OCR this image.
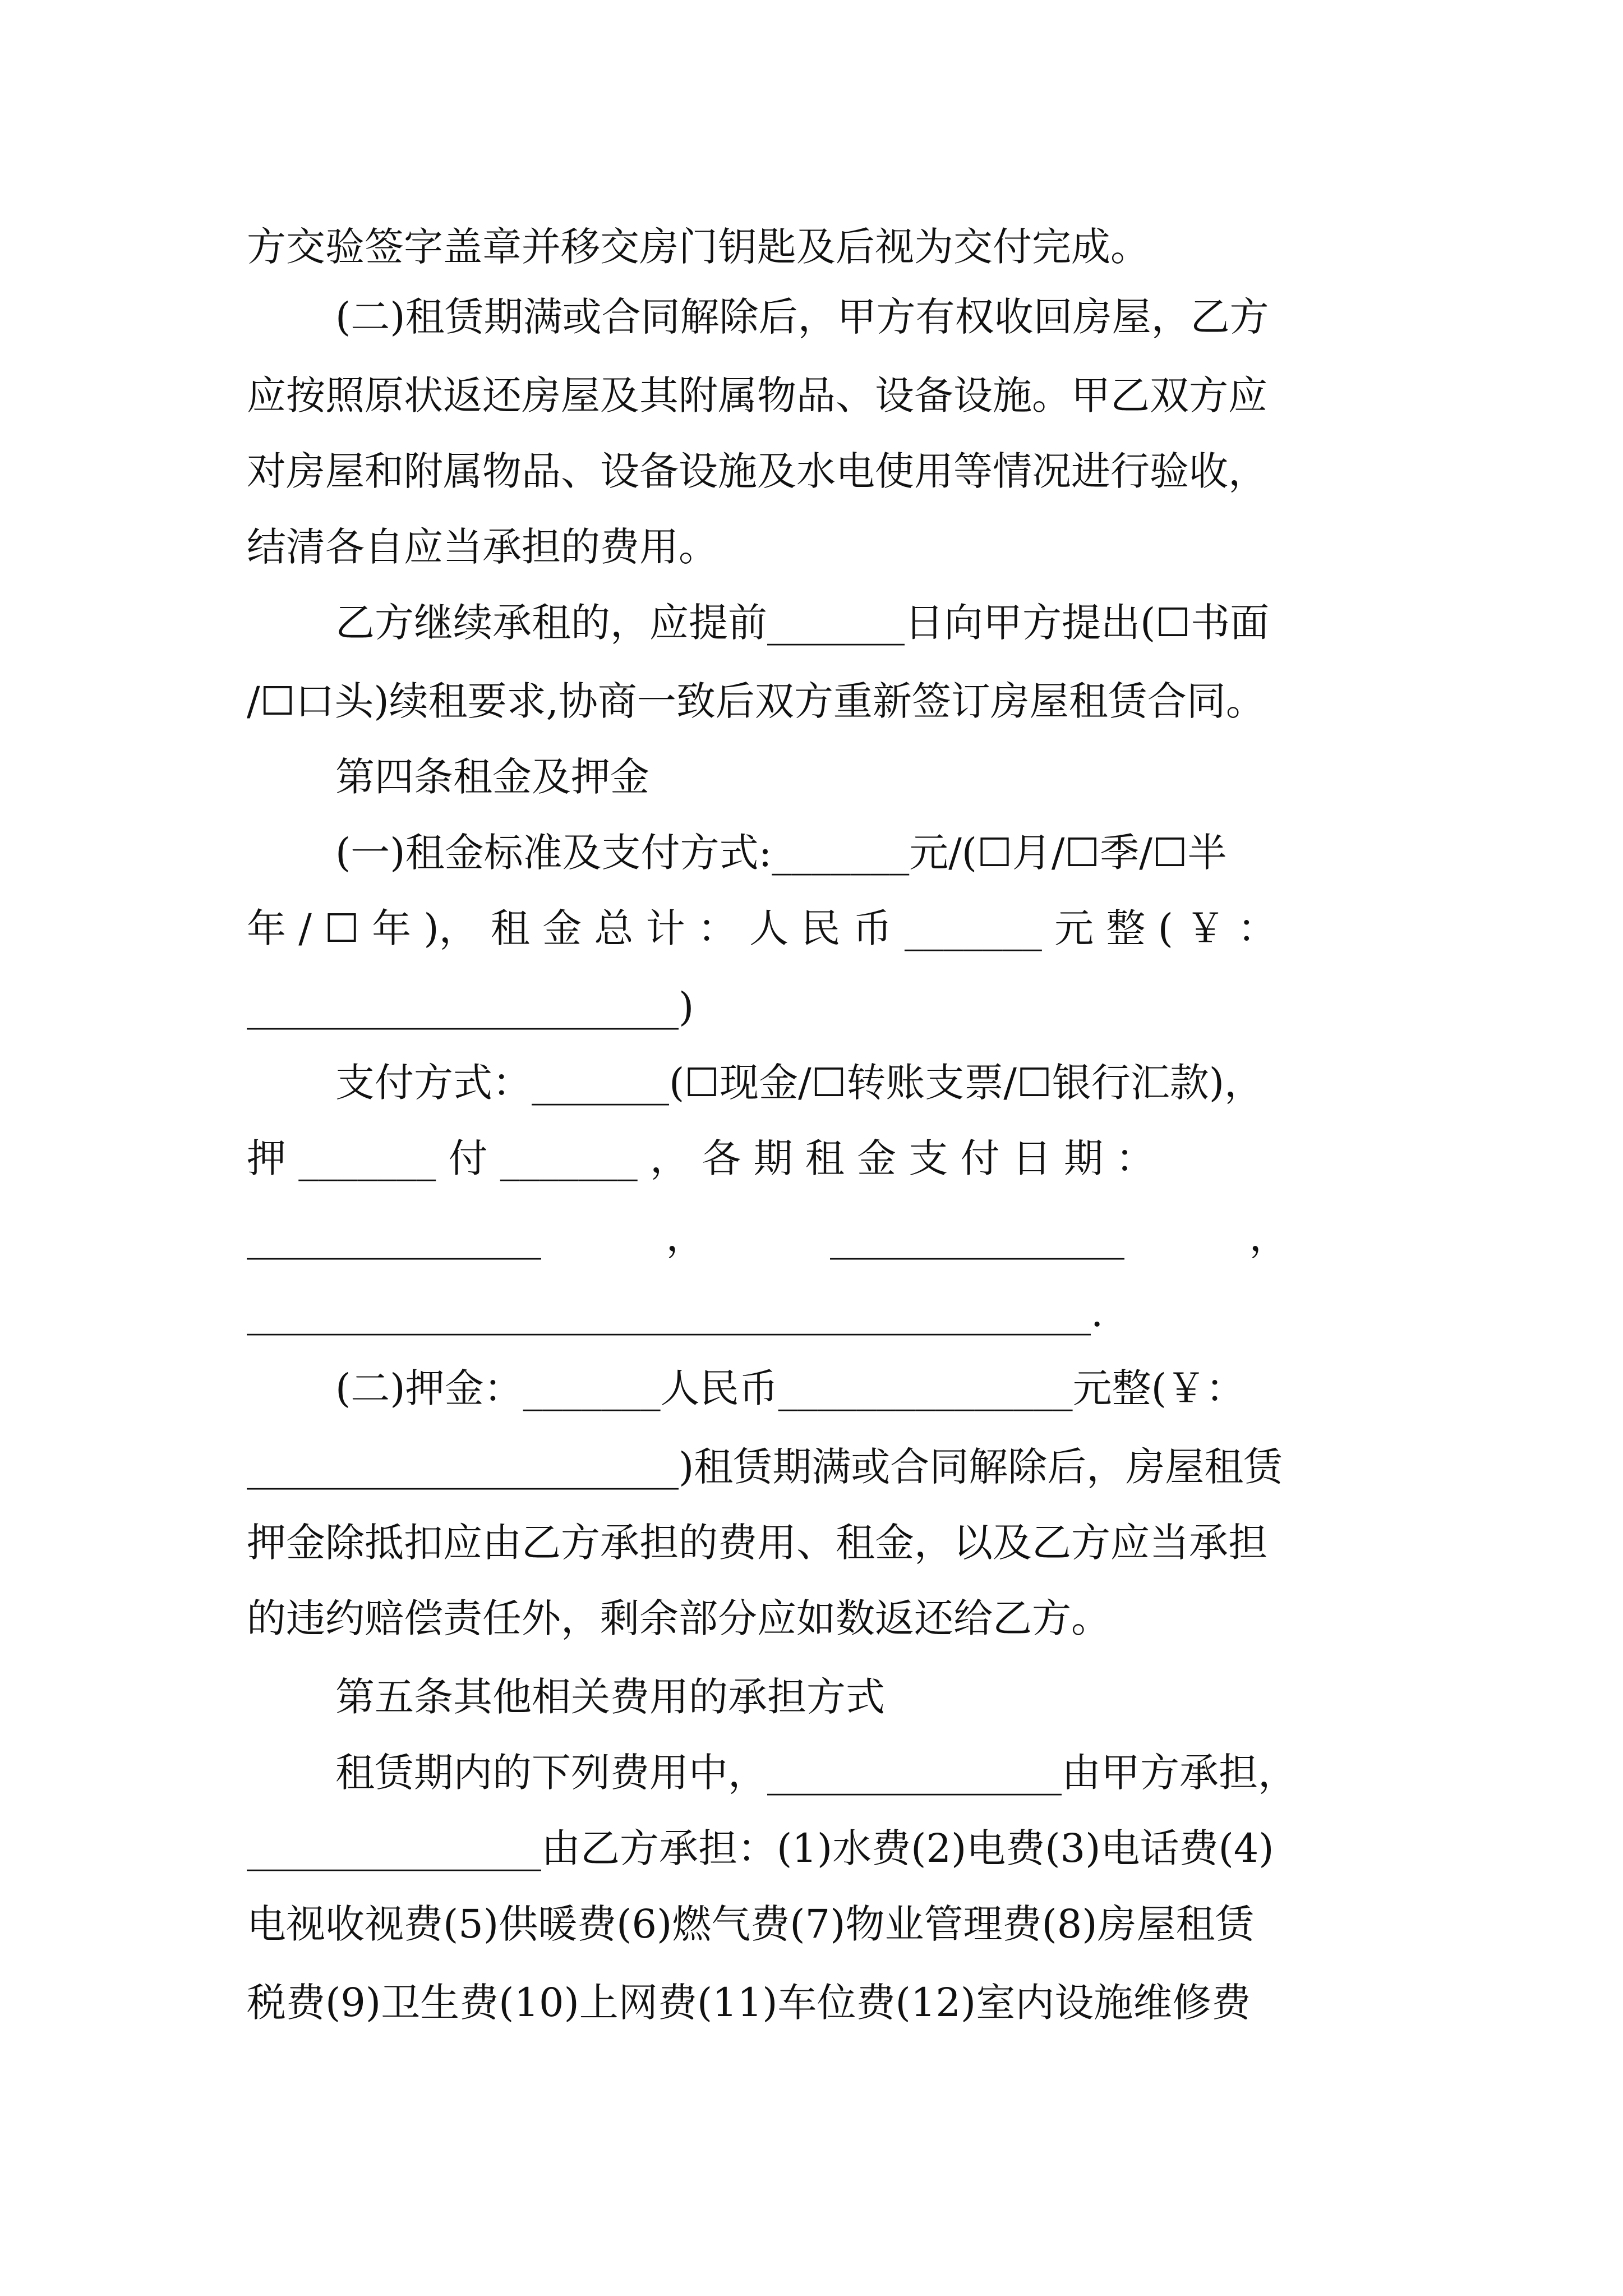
方交验签字盖章并移交房门钥匙及后视为交付完成。
(二)租赁期满或合同解除后，甲方有权收回房屋，乙方
应按照原状返还房屋及其附属物品、设备设施。甲乙双方应
对房屋和附属物品、设备设施及水电使用等情况进行验收，
结清各自应当承担的费用。
乙方继续承租的，应提前_______日向甲方提出(☐书面
/☐口头)续租要求,协商一致后双方重新签订房屋租赁合同。
第四条租金及押金
(一)租金标准及支付方式:_______元/(☐月/☐季/☐半
年 / ☐ 年 )， 租 金 总 计 ： 人 民 币 _______ 元 整 ( ￥ ：
______________________)
支付方式：_______(☐现金/☐转账支票/☐银行汇款)，
押 _______ 付 _______ ， 各 期 租 金 支 付 日 期 ：
_______________          ，          _______________          ，
___________________________________________.
(二)押金：_______人民币_______________元整(￥：
______________________)租赁期满或合同解除后，房屋租赁
押金除抵扣应由乙方承担的费用、租金，以及乙方应当承担
的违约赔偿责任外，剩余部分应如数返还给乙方。
第五条其他相关费用的承担方式
租赁期内的下列费用中，_______________由甲方承担，
_______________由乙方承担：(1)水费(2)电费(3)电话费(4)
电视收视费(5)供暖费(6)燃气费(7)物业管理费(8)房屋租赁
税费(9)卫生费(10)上网费(11)车位费(12)室内设施维修费
